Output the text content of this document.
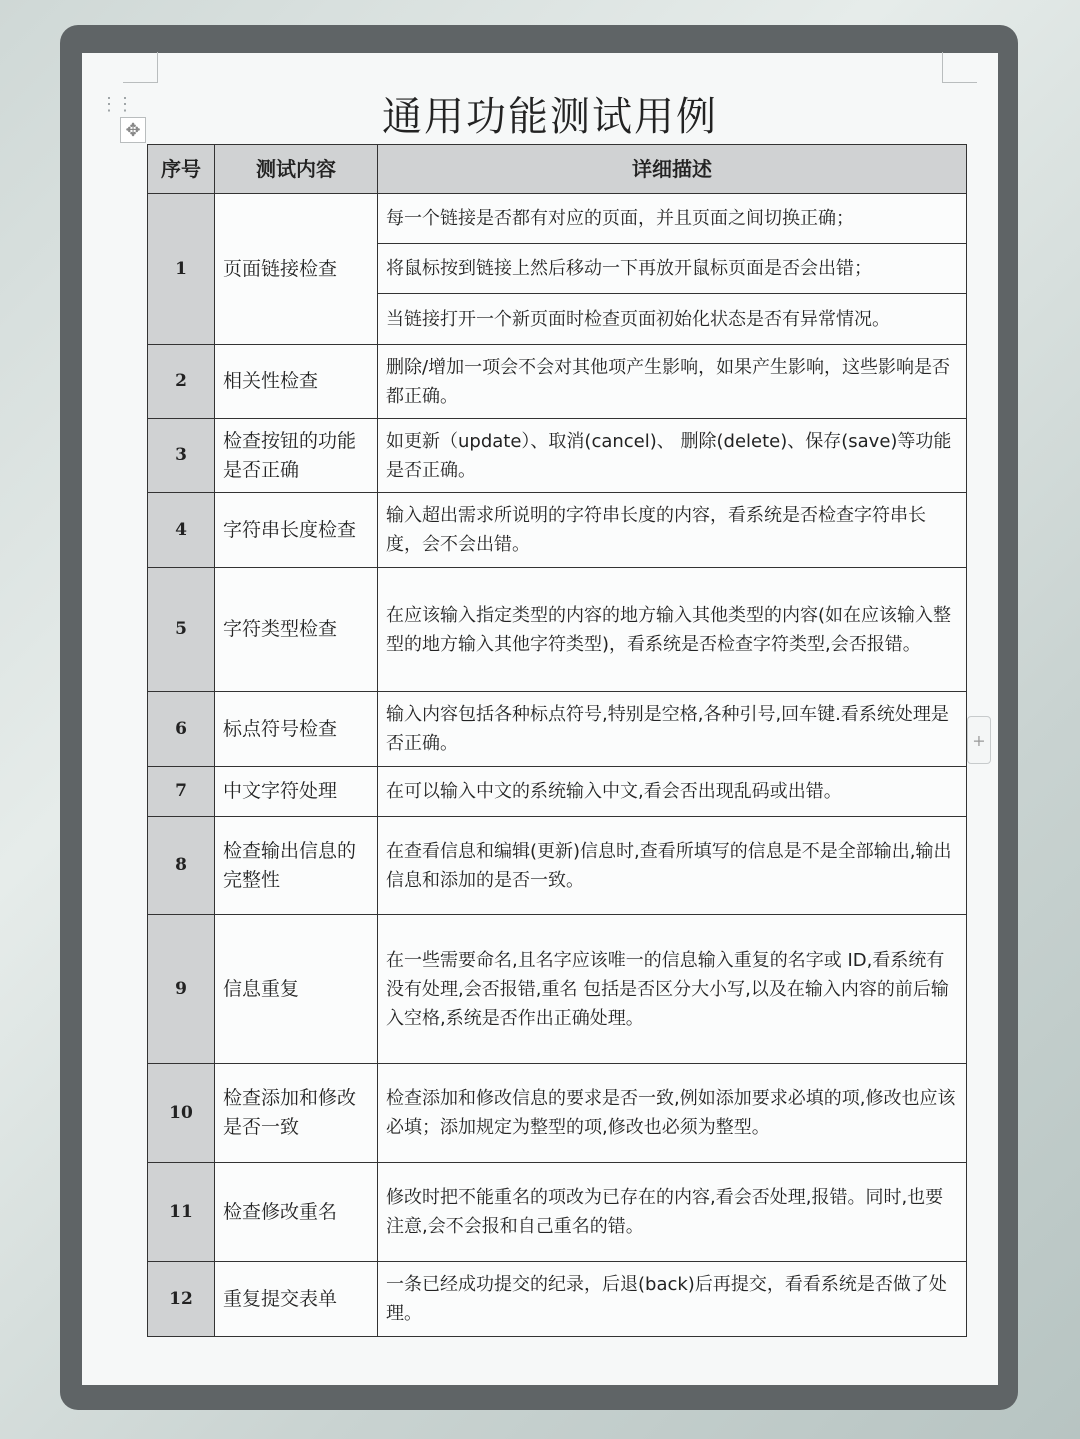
⋮⋮
✥
+
通用功能测试用例
序号	测试内容	详细描述
1	页面链接检查	每一个链接是否都有对应的页面，并且页面之间切换正确；
		将鼠标按到链接上然后移动一下再放开鼠标页面是否会出错；
		当链接打开一个新页面时检查页面初始化状态是否有异常情况。
2	相关性检查	删除/增加一项会不会对其他项产生影响，如果产生影响，这些影响是否都正确。
3	检查按钮的功能是否正确	如更新（update）、取消(cancel)、 删除(delete)、保存(save)等功能是否正确。
4	字符串长度检查	输入超出需求所说明的字符串长度的内容，看系统是否检查字符串长度，会不会出错。
5	字符类型检查	在应该输入指定类型的内容的地方输入其他类型的内容(如在应该输入整型的地方输入其他字符类型)，看系统是否检查字符类型,会否报错。
6	标点符号检查	输入内容包括各种标点符号,特别是空格,各种引号,回车键.看系统处理是否正确。
7	中文字符处理	在可以输入中文的系统输入中文,看会否出现乱码或出错。
8	检查输出信息的完整性	在查看信息和编辑(更新)信息时,查看所填写的信息是不是全部输出,输出信息和添加的是否一致。
9	信息重复	在一些需要命名,且名字应该唯一的信息输入重复的名字或 ID,看系统有没有处理,会否报错,重名 包括是否区分大小写,以及在输入内容的前后输入空格,系统是否作出正确处理。
10	检查添加和修改是否一致	检查添加和修改信息的要求是否一致,例如添加要求必填的项,修改也应该必填；添加规定为整型的项,修改也必须为整型。
11	检查修改重名	修改时把不能重名的项改为已存在的内容,看会否处理,报错。同时,也要注意,会不会报和自己重名的错。
12	重复提交表单	一条已经成功提交的纪录，后退(back)后再提交，看看系统是否做了处理。
